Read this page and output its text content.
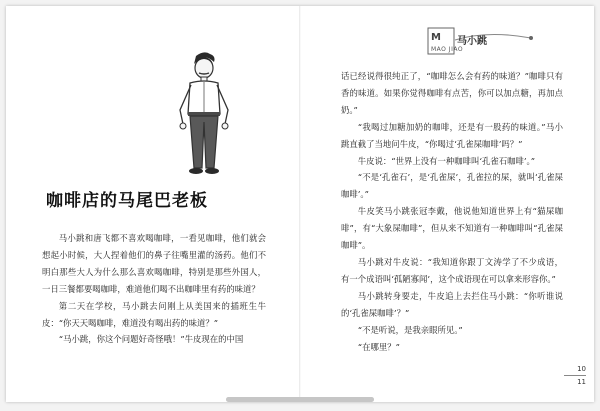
咖啡店的马尾巴老板

马小跳和唐飞都不喜欢喝咖啡，一看见咖啡，他们就会想起小时候，大人捏着他们的鼻子往嘴里灌的汤药。他们不明白那些大人为什么那么喜欢喝咖啡，特别是那些外国人，一日三餐都要喝咖啡，难道他们喝不出咖啡里有药的味道？

第二天在学校，马小跳去问刚上从美国来的插班生牛皮：“你天天喝咖啡，难道没有喝出药的味道？”

“马小跳，你这个问题好奇怪哦！”牛皮现在的中国

M 马小跳
MAO JIAO

话已经说得很纯正了，“咖啡怎么会有药的味道？”咖啡只有香的味道。如果你觉得咖啡有点苦，你可以加点糖，再加点奶。”

“我喝过加糖加奶的咖啡，还是有一股药的味道。”马小跳直截了当地问牛皮，“你喝过‘孔雀屎咖啡’吗？”

牛皮说：“世界上没有一种咖啡叫‘孔雀石咖啡’。”

“不是‘孔雀石’，是‘孔雀屎’，孔雀拉的屎，就叫‘孔雀屎咖啡’。”

牛皮笑马小跳张冠李戴，他说他知道世界上有“猫屎咖啡”，有“大象屎咖啡”，但从来不知道有一种咖啡叫“孔雀屎咖啡”。

马小跳对牛皮说：“我知道你跟丁文涛学了不少成语，有一个成语叫‘孤陋寡闻’，这个成语现在可以拿来形容你。”

马小跳转身要走，牛皮追上去拦住马小跳：“你听谁说的‘孔雀屎咖啡’？”

“不是听说，是我亲眼所见。”

“在哪里？”

10
11
